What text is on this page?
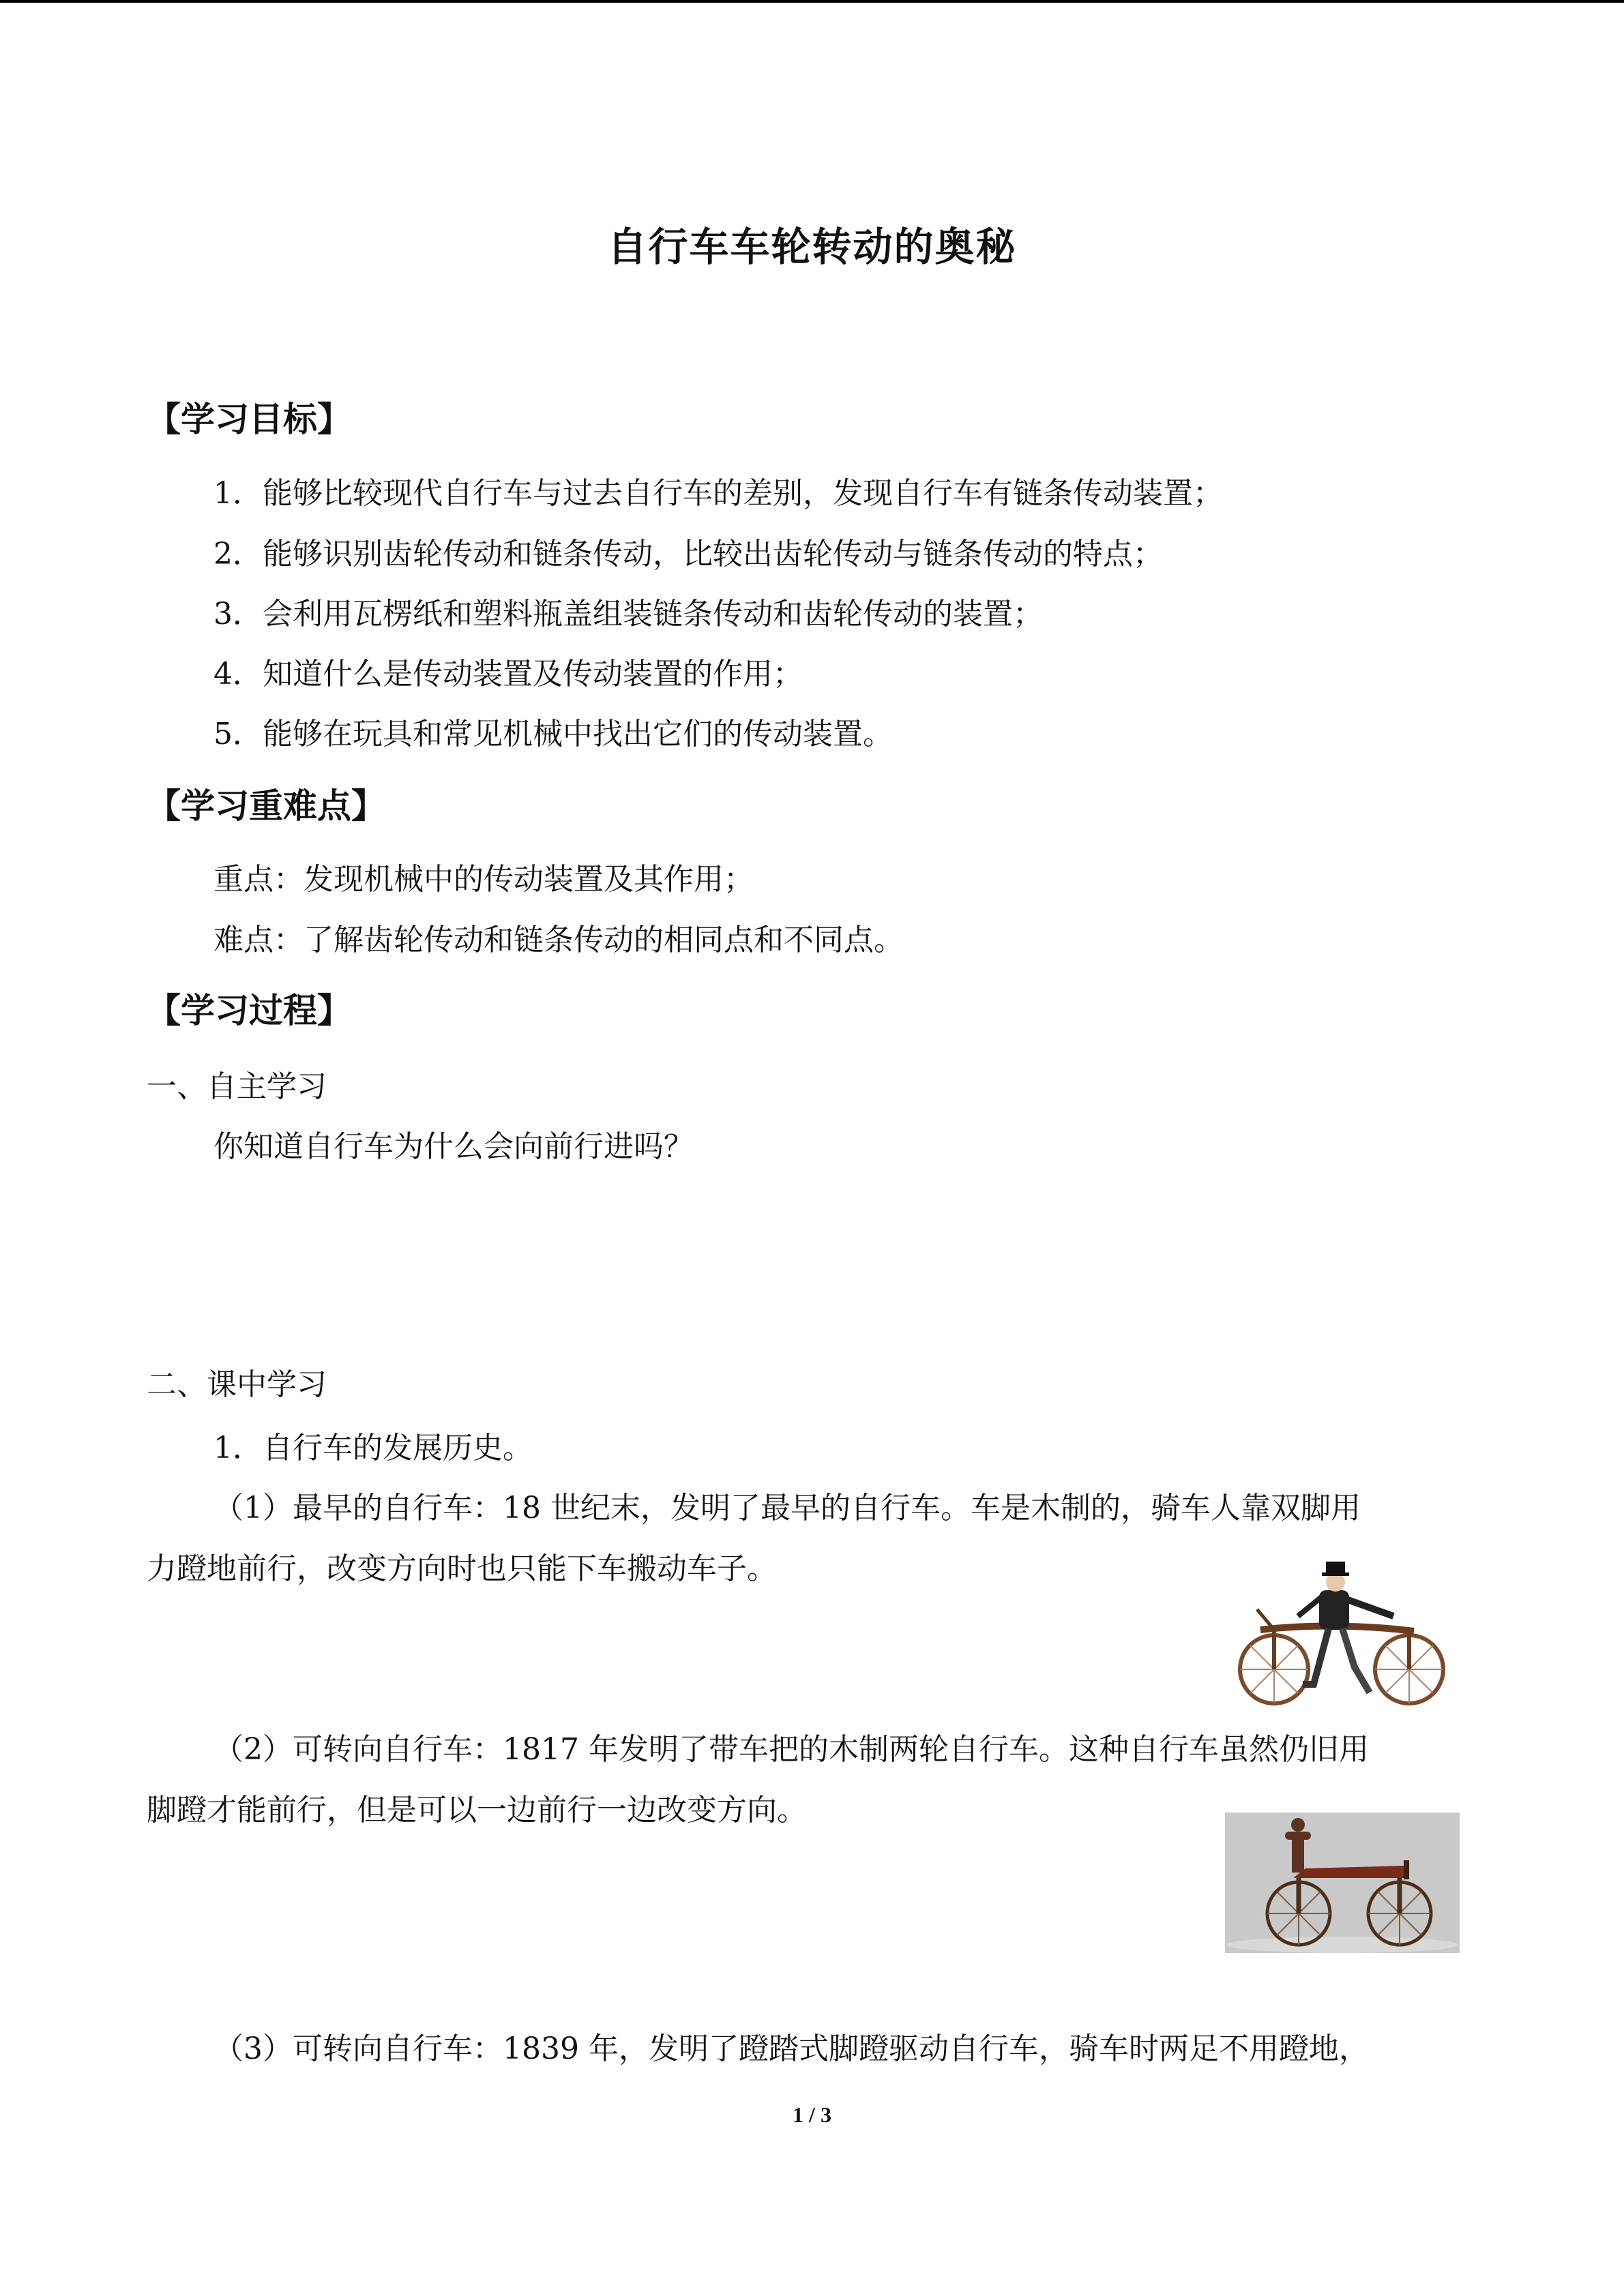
自行车车轮转动的奥秘
【学习目标】
1．能够比较现代自行车与过去自行车的差别，发现自行车有链条传动装置；
2．能够识别齿轮传动和链条传动，比较出齿轮传动与链条传动的特点；
3．会利用瓦楞纸和塑料瓶盖组装链条传动和齿轮传动的装置；
4．知道什么是传动装置及传动装置的作用；
5．能够在玩具和常见机械中找出它们的传动装置。
【学习重难点】
重点：发现机械中的传动装置及其作用；
难点：了解齿轮传动和链条传动的相同点和不同点。
【学习过程】
一、自主学习
你知道自行车为什么会向前行进吗？
二、课中学习
1．自行车的发展历史。
（1）最早的自行车：18 世纪末，发明了最早的自行车。车是木制的，骑车人靠双脚用
力蹬地前行，改变方向时也只能下车搬动车子。
（2）可转向自行车：1817 年发明了带车把的木制两轮自行车。这种自行车虽然仍旧用
脚蹬才能前行，但是可以一边前行一边改变方向。
（3）可转向自行车：1839 年，发明了蹬踏式脚蹬驱动自行车，骑车时两足不用蹬地，
1 / 3
